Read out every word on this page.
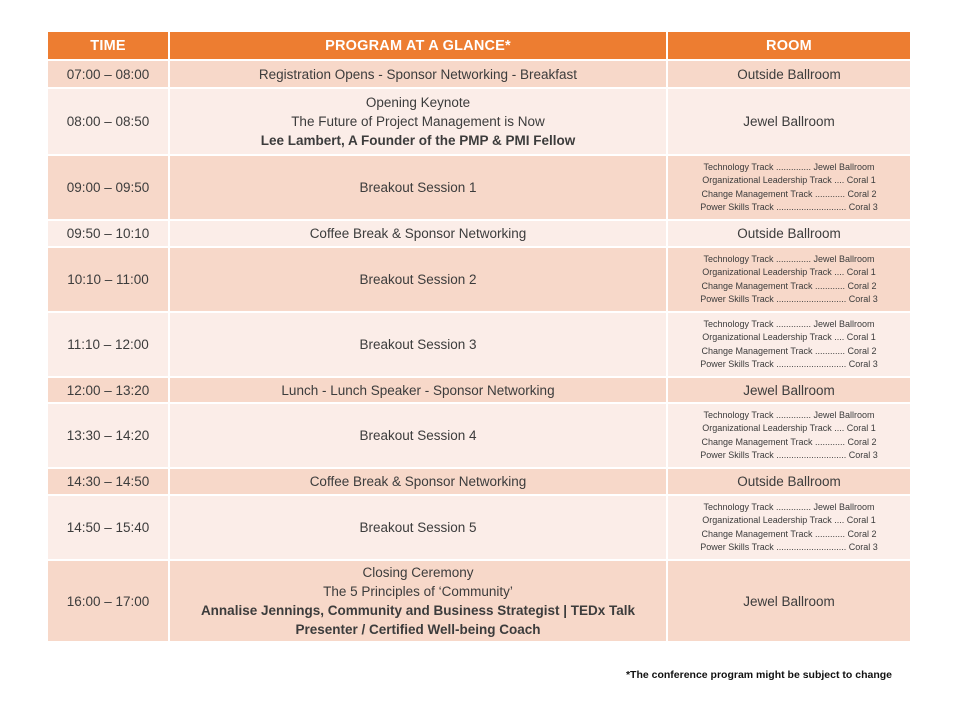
TIME	PROGRAM AT A GLANCE*	ROOM
07:00 – 08:00	Registration Opens - Sponsor Networking - Breakfast	Outside Ballroom

08:00 – 08:50	Opening Keynote
The Future of Project Management is Now
Lee Lambert, A Founder of the PMP & PMI Fellow	Jewel Ballroom

09:00 – 09:50	Breakout Session 1	Technology Track .............. Jewel Ballroom
Organizational Leadership Track .... Coral 1
Change Management Track ............ Coral 2
Power Skills Track ............................ Coral 3

09:50 – 10:10	Coffee Break & Sponsor Networking	Outside Ballroom

10:10 – 11:00	Breakout Session 2	Technology Track .............. Jewel Ballroom
Organizational Leadership Track .... Coral 1
Change Management Track ............ Coral 2
Power Skills Track ............................ Coral 3

11:10 – 12:00	Breakout Session 3	Technology Track .............. Jewel Ballroom
Organizational Leadership Track .... Coral 1
Change Management Track ............ Coral 2
Power Skills Track ............................ Coral 3

12:00 – 13:20	Lunch - Lunch Speaker - Sponsor Networking	Jewel Ballroom

13:30 – 14:20	Breakout Session 4	Technology Track .............. Jewel Ballroom
Organizational Leadership Track .... Coral 1
Change Management Track ............ Coral 2
Power Skills Track ............................ Coral 3

14:30 – 14:50	Coffee Break & Sponsor Networking	Outside Ballroom

14:50 – 15:40	Breakout Session 5	Technology Track .............. Jewel Ballroom
Organizational Leadership Track .... Coral 1
Change Management Track ............ Coral 2
Power Skills Track ............................ Coral 3

16:00 – 17:00	Closing Ceremony
The 5 Principles of ‘Community’
Annalise Jennings, Community and Business Strategist | TEDx Talk Presenter / Certified Well-being Coach	Jewel Ballroom
*The conference program might be subject to change
